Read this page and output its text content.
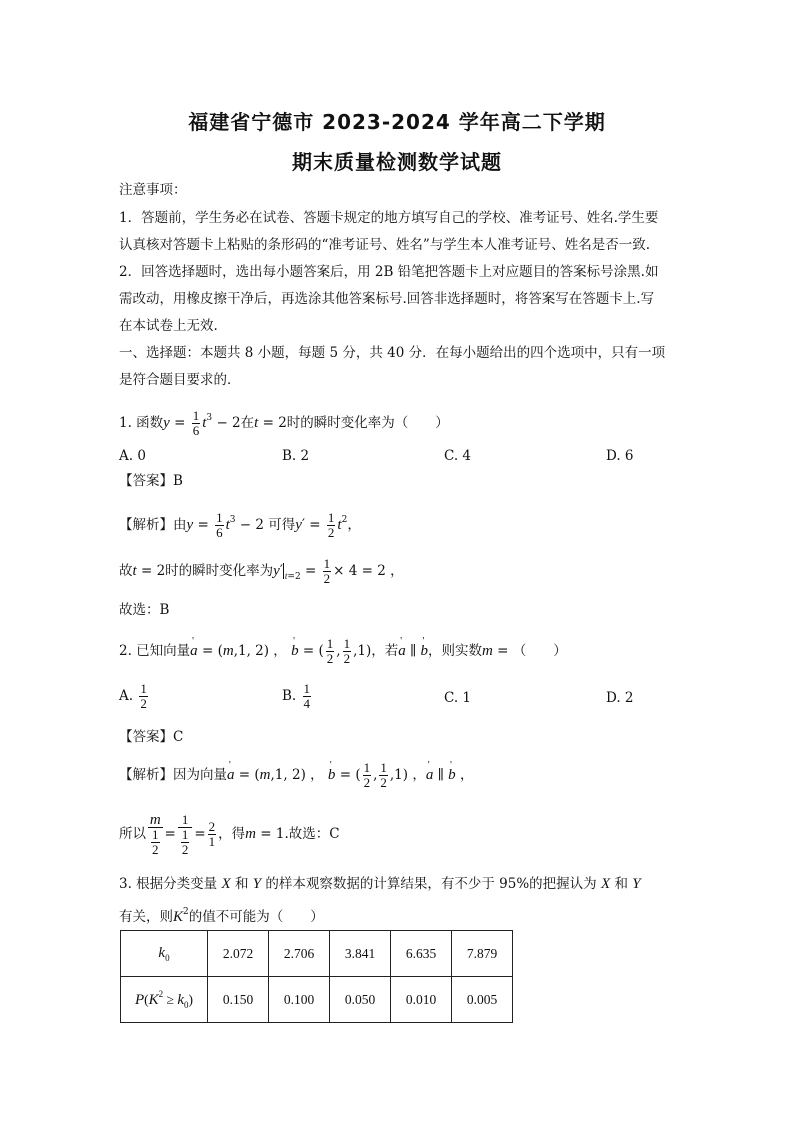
福建省宁德市 2023-2024 学年高二下学期
期末质量检测数学试题
注意事项：
1．答题前，学生务必在试卷、答题卡规定的地方填写自己的学校、准考证号、姓名.学生要
认真核对答题卡上粘贴的条形码的“准考证号、姓名”与学生本人准考证号、姓名是否一致.
2．回答选择题时，选出每小题答案后，用 2B 铅笔把答题卡上对应题目的答案标号涂黑.如
需改动，用橡皮擦干净后，再选涂其他答案标号.回答非选择题时，将答案写在答题卡上.写
在本试卷上无效.
一、选择题：本题共 8 小题，每题 5 分，共 40 分．在每小题给出的四个选项中，只有一项
是符合题目要求的．
1. 函数$y = \frac{1}{6} t^3 - 2$在t = 2时的瞬时变化率为（　　）
A. 0	B. 2	C. 4	D. 6
【答案】B
【解析】由$y = \frac{1}{6} t^3 - 2$ 可得$y' = \frac{1}{2} t^2$，
故t = 2时的瞬时变化率为y′ $_{t=2} = \frac{1}{2} \times 4 = 2$ ，
故选：B
2. 已知向量' a = (m,1, 2) ， ' b = ( $\frac{1}{2}$ , $\frac{1}{2} ,1$)，若' a ∥ ' b，则实数m = （　　）
A. $\frac{1}{2}$	B. $\frac{1}{4}$	C. 1	D. 2
【答案】C
【解析】因为向量' a = (m,1, 2) ， ' b = ( $\frac{1}{2}$ , $\frac{1}{2} ,1$) ，' a ∥ ' b ，
所以 $\frac{m}{\frac{1}{2}} = \frac{1}{\frac{1}{2}} = \frac{2}{1}$ ，得m = 1.故选：C
3. 根据分类变量 X 和 Y 的样本观察数据的计算结果，有不少于 95%的把握认为 X 和 Y
有关，则$K^2$的值不可能为（　　）
$k_0$	2.072	2.706	3.841	6.635	7.879
$P(K^2 \ge k_0)$	0.150	0.100	0.050	0.010	0.005
